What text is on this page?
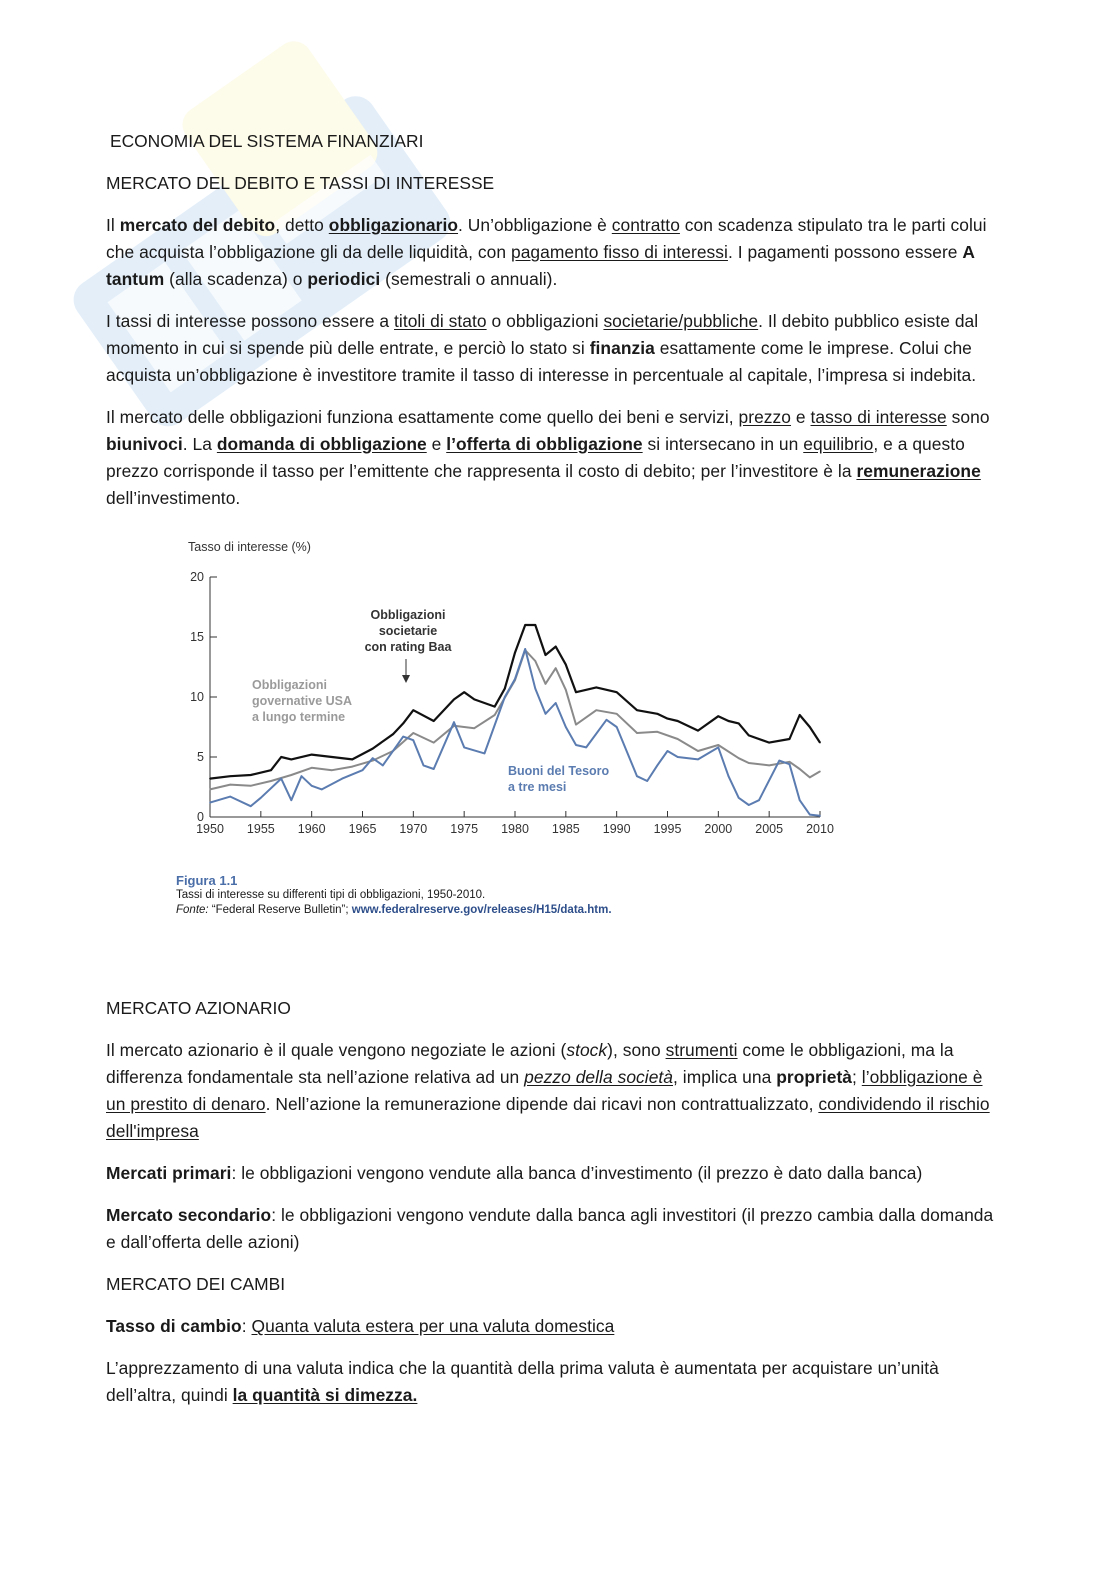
ECONOMIA DEL SISTEMA FINANZIARI
MERCATO DEL DEBITO E TASSI DI INTERESSE

Il mercato del debito, detto obbligazionario. Un’obbligazione è contratto con scadenza stipulato tra le parti colui che acquista l’obbligazione gli da delle liquidità, con pagamento fisso di interessi. I pagamenti possono essere A tantum (alla scadenza) o periodici (semestrali o annuali).

I tassi di interesse possono essere a titoli di stato o obbligazioni societarie/pubbliche. Il debito pubblico esiste dal momento in cui si spende più delle entrate, e perciò lo stato si finanzia esattamente come le imprese. Colui che acquista un’obbligazione è investitore tramite il tasso di interesse in percentuale al capitale, l’impresa si indebita.

Il mercato delle obbligazioni funziona esattamente come quello dei beni e servizi, prezzo e tasso di interesse sono biunivoci. La domanda di obbligazione e l’offerta di obbligazione si intersecano in un equilibrio, e a questo prezzo corrisponde il tasso per l’emittente che rappresenta il costo di debito; per l’investitore è la remunerazione dell’investimento.

Tasso di interesse (%)
0
5
10
15
20
1950 1955 1960 1965 1970 1975 1980 1985 1990 1995 2000 2005 2010
Obbligazioni societarie con rating Baa
Obbligazioni governative USA a lungo termine
Buoni del Tesoro a tre mesi
Figura 1.1
Tassi di interesse su differenti tipi di obbligazioni, 1950-2010.
Fonte: “Federal Reserve Bulletin”; www.federalreserve.gov/releases/H15/data.htm.
MERCATO AZIONARIO

Il mercato azionario è il quale vengono negoziate le azioni (stock), sono strumenti come le obbligazioni, ma la differenza fondamentale sta nell’azione relativa ad un pezzo della società, implica una proprietà; l’obbligazione è un prestito di denaro. Nell’azione la remunerazione dipende dai ricavi non contrattualizzato, condividendo il rischio dell'impresa

Mercati primari: le obbligazioni vengono vendute alla banca d’investimento (il prezzo è dato dalla banca)

Mercato secondario: le obbligazioni vengono vendute dalla banca agli investitori (il prezzo cambia dalla domanda e dall’offerta delle azioni)

MERCATO DEI CAMBI

Tasso di cambio: Quanta valuta estera per una valuta domestica

L’apprezzamento di una valuta indica che la quantità della prima valuta è aumentata per acquistare un’unità dell’altra, quindi la quantità si dimezza.
